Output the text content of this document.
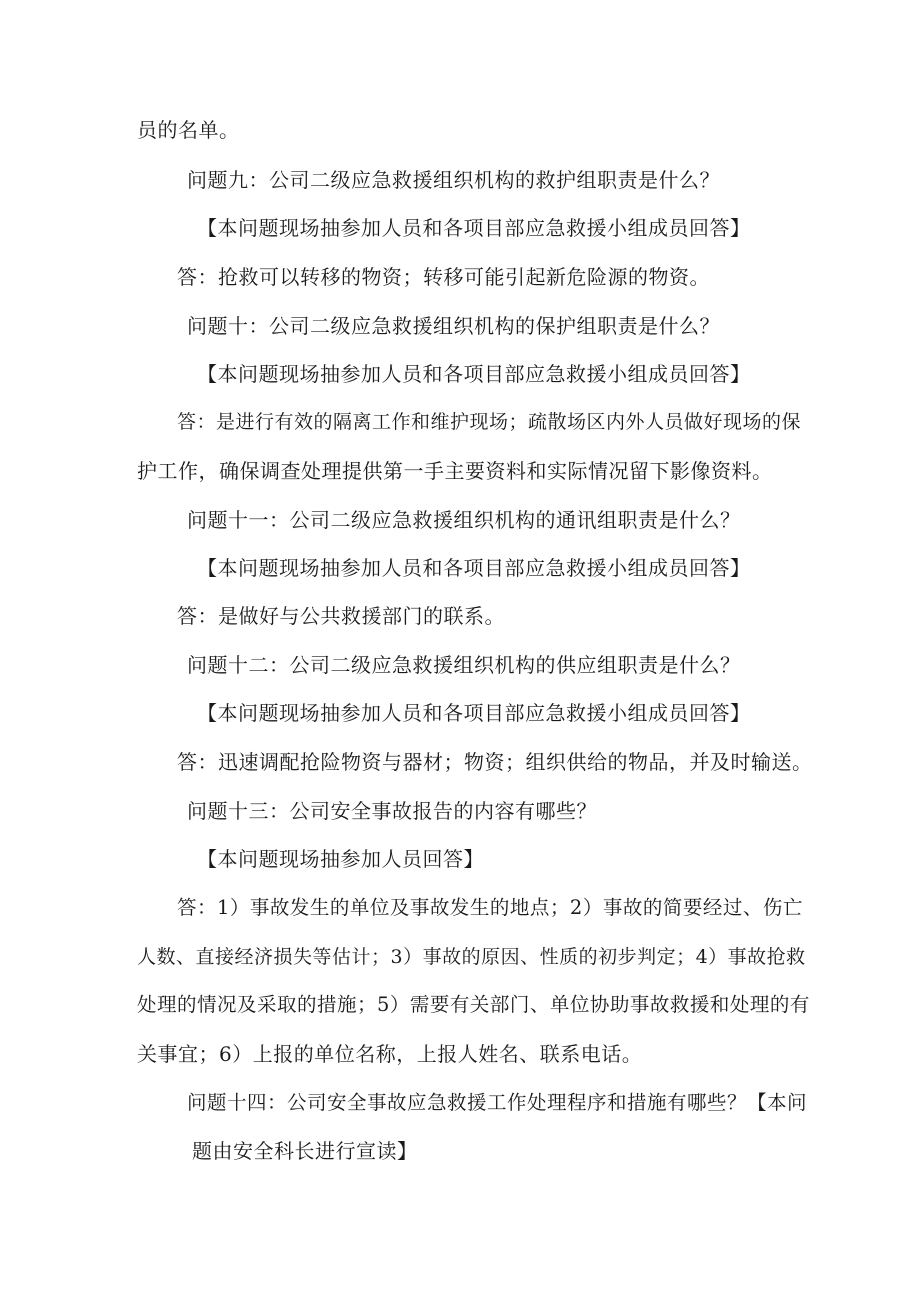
员的名单。
问题九：公司二级应急救援组织机构的救护组职责是什么？
【本问题现场抽参加人员和各项目部应急救援小组成员回答】
答：抢救可以转移的物资；转移可能引起新危险源的物资。
问题十：公司二级应急救援组织机构的保护组职责是什么？
【本问题现场抽参加人员和各项目部应急救援小组成员回答】
答：是进行有效的隔离工作和维护现场；疏散场区内外人员做好现场的保
护工作，确保调查处理提供第一手主要资料和实际情况留下影像资料。
问题十一：公司二级应急救援组织机构的通讯组职责是什么？
【本问题现场抽参加人员和各项目部应急救援小组成员回答】
答：是做好与公共救援部门的联系。
问题十二：公司二级应急救援组织机构的供应组职责是什么？
【本问题现场抽参加人员和各项目部应急救援小组成员回答】
答：迅速调配抢险物资与器材；物资；组织供给的物品，并及时输送。
问题十三：公司安全事故报告的内容有哪些？
【本问题现场抽参加人员回答】
答：1）事故发生的单位及事故发生的地点；2）事故的简要经过、伤亡
人数、直接经济损失等估计；3）事故的原因、性质的初步判定；4）事故抢救
处理的情况及采取的措施；5）需要有关部门、单位协助事故救援和处理的有
关事宜；6）上报的单位名称，上报人姓名、联系电话。
问题十四：公司安全事故应急救援工作处理程序和措施有哪些？【本问
题由安全科长进行宣读】
